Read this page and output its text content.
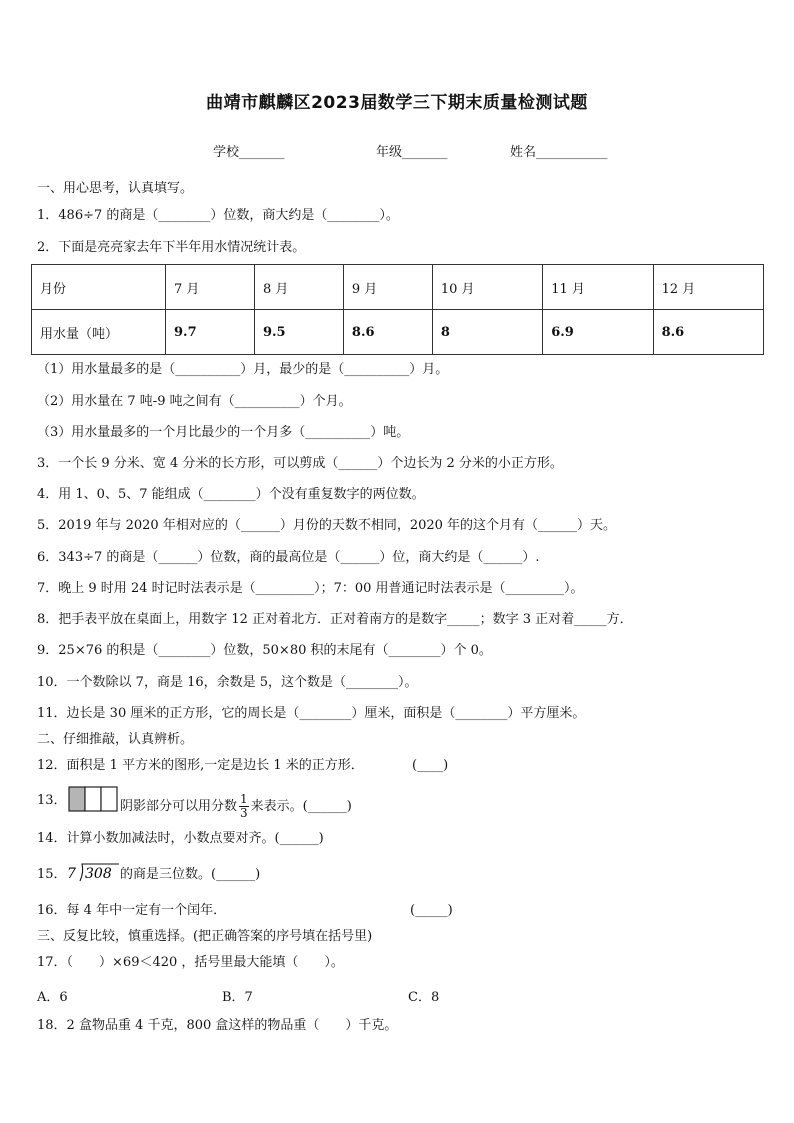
曲靖市麒麟区2023届数学三下期末质量检测试题
学校_______	年级_______	姓名___________
一、用心思考，认真填写。
1．486÷7 的商是（________）位数，商大约是（________）。
2．下面是亮亮家去年下半年用水情况统计表。
月份	7 月	8 月	9 月	10 月	11 月	12 月
用水量（吨）	9.7	9.5	8.6	8	6.9	8.6
（1）用水量最多的是（__________）月，最少的是（__________）月。
（2）用水量在 7 吨-9 吨之间有（__________）个月。
（3）用水量最多的一个月比最少的一个月多（__________）吨。
3．一个长 9 分米、宽 4 分米的长方形，可以剪成（______）个边长为 2 分米的小正方形。
4．用 1、0、5、7 能组成（________）个没有重复数字的两位数。
5．2019 年与 2020 年相对应的（______）月份的天数不相同，2020 年的这个月有（______）天。
6．343÷7 的商是（______）位数，商的最高位是（______）位，商大约是（______）.
7．晚上 9 时用 24 时记时法表示是（_________）；7：00 用普通记时法表示是（_________）。
8．把手表平放在桌面上，用数字 12 正对着北方．正对着南方的是数字_____；数字 3 正对着_____方．
9．25×76 的积是（________）位数，50×80 积的末尾有（________）个 0。
10．一个数除以 7，商是 16，余数是 5，这个数是（________）。
11．边长是 30 厘米的正方形，它的周长是（________）厘米，面积是（________）平方厘米。
二、仔细推敲，认真辨析。
12．面积是 1 平方米的图形,一定是边长 1 米的正方形．	(____)
13．	阴影部分可以用分数 $\frac{1}{3}$ 来表示。(______)
14．计算小数加减法时，小数点要对齐。(______)
15． 7 308 的商是三位数。(______)
16．每 4 年中一定有一个闰年．	(_____)
三、反复比较，慎重选择。(把正确答案的序号填在括号里)
17．（　　）×69＜420 ，括号里最大能填（　　）。
A．6	B．7	C．8
18．2 盒物品重 4 千克，800 盒这样的物品重（　　）千克。
